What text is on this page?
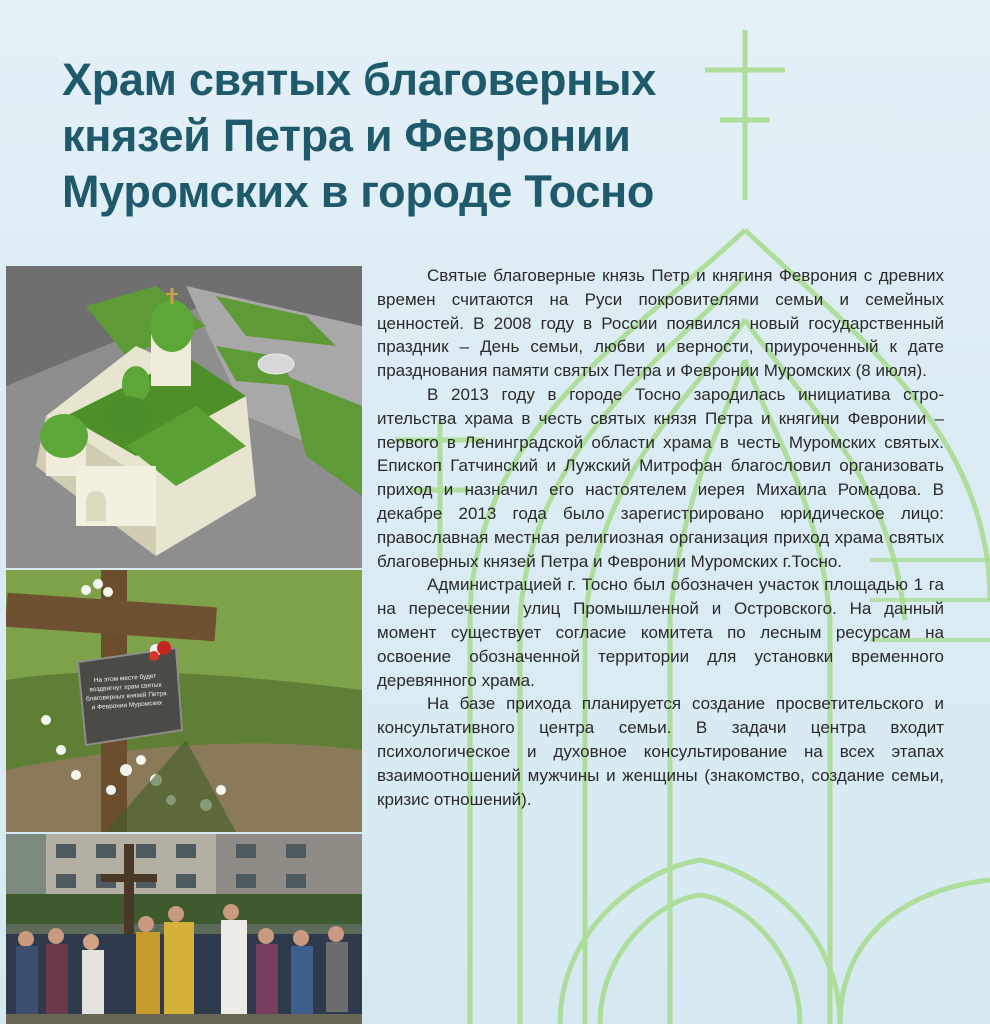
Храм святых благоверных
князей Петра и Февронии
Муромских в городе Тосно
На этом месте будет воздвигнут храм святых благоверных князей Петра и Февронии Муромских

Святые благоверные князь Петр и княгиня Феврония с древних времен считаются на Руси покровителями семьи и семейных ценностей. В 2008 году в России появился новый государственный праздник – День семьи, любви и верности, приуроченный к дате празднования памяти святых Петра и Февронии Муромских (8 июля).

В 2013 году в городе Тосно зародилась инициатива строительства храма в честь святых князя Петра и княгини Февронии – первого в Ленинградской области храма в честь Муромских святых. Епископ Гатчинский и Лужский Митрофан благословил организовать приход и назначил его настоятелем иерея Михаила Ромадова. В декабре 2013 года было зарегистрировано юридическое лицо: православная местная религиозная организация приход храма святых благоверных князей Петра и Февронии Муромских г.Тосно.

Администрацией г. Тосно был обозначен участок площадью 1 га на пересечении улиц Промышленной и Островского. На данный момент существует согласие комитета по лесным ресурсам на освоение обозначенной территории для установки временного деревянного храма.

На базе прихода планируется создание просветительского и консультативного центра семьи. В задачи центра входит психологическое и духовное консультирование на всех этапах взаимоотношений мужчины и женщины (знакомство, создание семьи, кризис отношений).
